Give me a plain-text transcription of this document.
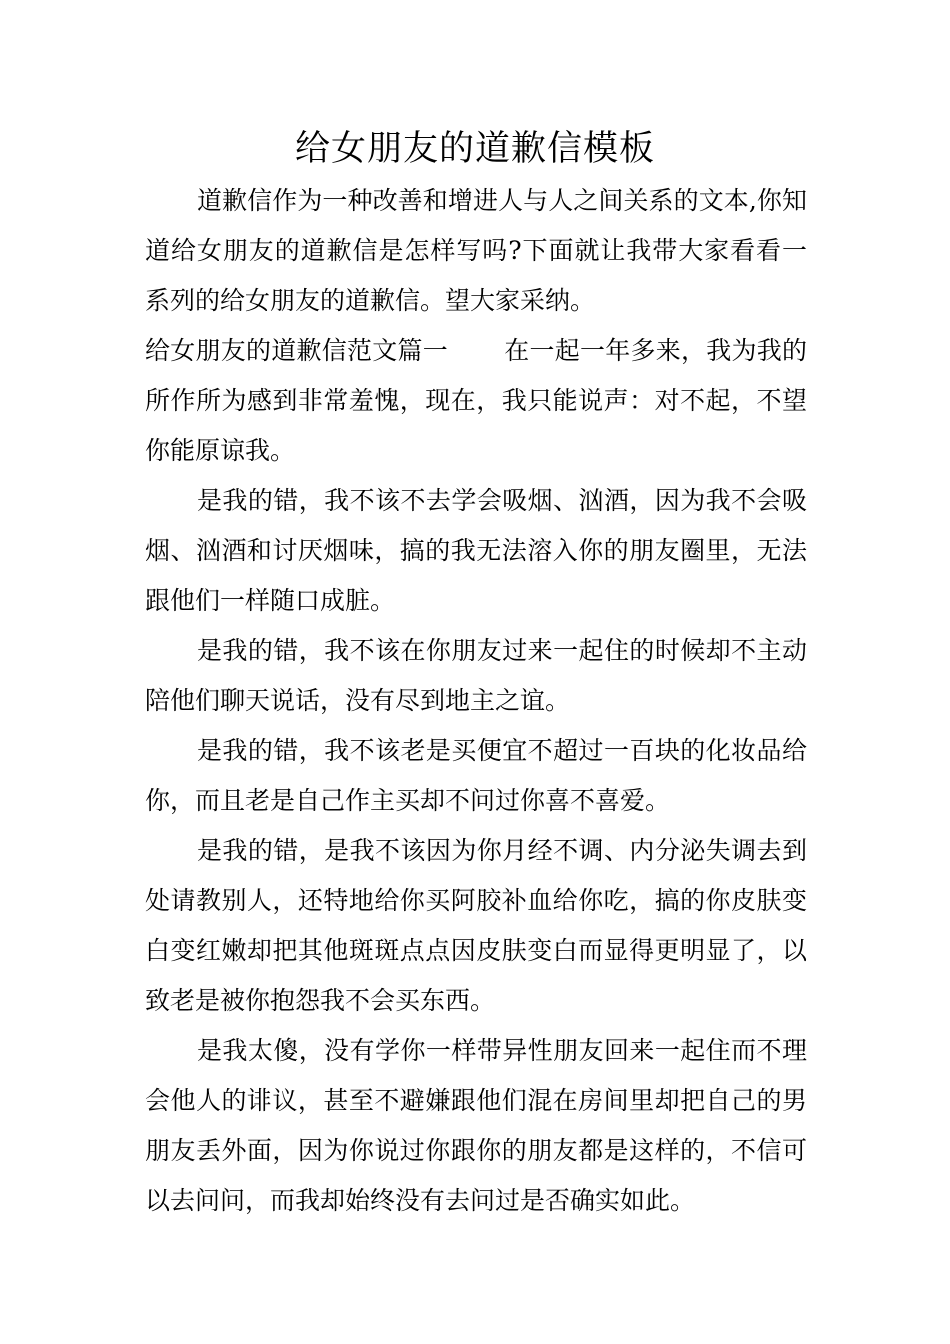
给女朋友的道歉信模板

道歉信作为一种改善和增进人与人之间关系的文本,你知道给女朋友的道歉信是怎样写吗?下面就让我带大家看看一系列的给女朋友的道歉信。望大家采纳。

给女朋友的道歉信范文篇一 在一起一年多来，我为我的所作所为感到非常羞愧，现在，我只能说声：对不起，不望你能原谅我。

是我的错，我不该不去学会吸烟、汹酒，因为我不会吸烟、汹酒和讨厌烟味，搞的我无法溶入你的朋友圈里，无法跟他们一样随口成脏。

是我的错，我不该在你朋友过来一起住的时候却不主动陪他们聊天说话，没有尽到地主之谊。

是我的错，我不该老是买便宜不超过一百块的化妆品给你，而且老是自己作主买却不问过你喜不喜爱。

是我的错，是我不该因为你月经不调、内分泌失调去到处请教别人，还特地给你买阿胶补血给你吃，搞的你皮肤变白变红嫩却把其他斑斑点点因皮肤变白而显得更明显了，以致老是被你抱怨我不会买东西。

是我太傻，没有学你一样带异性朋友回来一起住而不理会他人的诽议，甚至不避嫌跟他们混在房间里却把自己的男朋友丢外面，因为你说过你跟你的朋友都是这样的，不信可以去问问，而我却始终没有去问过是否确实如此。
